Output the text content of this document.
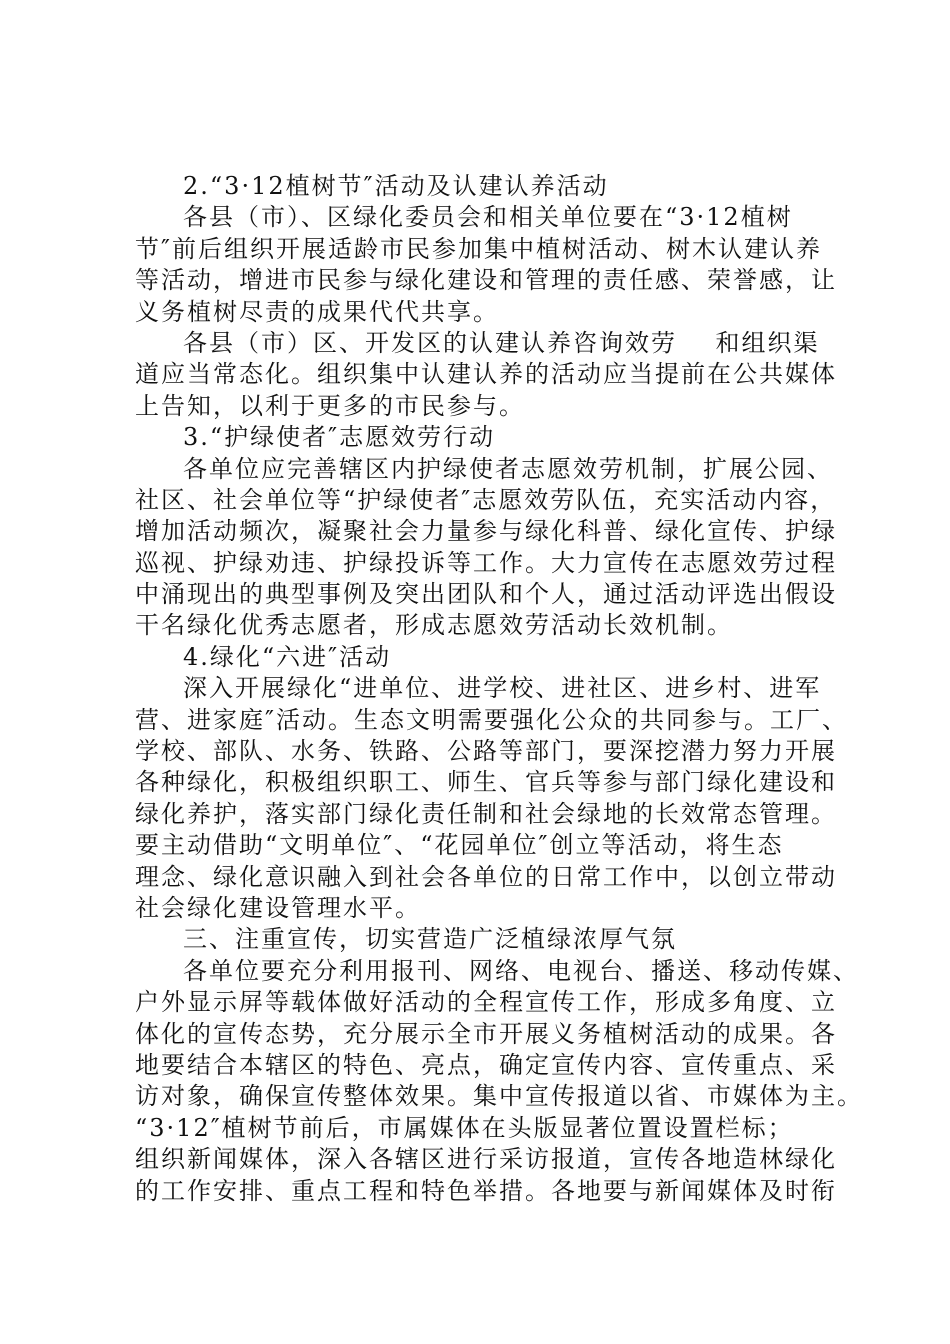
2.“3·12植树节″活动及认建认养活动
各县（市）、区绿化委员会和相关单位要在“3·12植树
节″前后组织开展适龄市民参加集中植树活动、树木认建认养
等活动，增进市民参与绿化建设和管理的责任感、荣誉感，让
义务植树尽责的成果代代共享。
各县（市）区、开发区的认建认养咨询效劳    和组织渠
道应当常态化。组织集中认建认养的活动应当提前在公共媒体
上告知，以利于更多的市民参与。
3.“护绿使者″志愿效劳行动
各单位应完善辖区内护绿使者志愿效劳机制，扩展公园、
社区、社会单位等“护绿使者″志愿效劳队伍，充实活动内容，
增加活动频次，凝聚社会力量参与绿化科普、绿化宣传、护绿
巡视、护绿劝违、护绿投诉等工作。大力宣传在志愿效劳过程
中涌现出的典型事例及突出团队和个人，通过活动评选出假设
干名绿化优秀志愿者，形成志愿效劳活动长效机制。
4.绿化“六进″活动
深入开展绿化“进单位、进学校、进社区、进乡村、进军
营、进家庭″活动。生态文明需要强化公众的共同参与。工厂、
学校、部队、水务、铁路、公路等部门，要深挖潜力努力开展
各种绿化，积极组织职工、师生、官兵等参与部门绿化建设和
绿化养护，落实部门绿化责任制和社会绿地的长效常态管理。
要主动借助“文明单位″、“花园单位″创立等活动，将生态
理念、绿化意识融入到社会各单位的日常工作中，以创立带动
社会绿化建设管理水平。
三、注重宣传，切实营造广泛植绿浓厚气氛
各单位要充分利用报刊、网络、电视台、播送、移动传媒、
户外显示屏等载体做好活动的全程宣传工作，形成多角度、立
体化的宣传态势，充分展示全市开展义务植树活动的成果。各
地要结合本辖区的特色、亮点，确定宣传内容、宣传重点、采
访对象，确保宣传整体效果。集中宣传报道以省、市媒体为主。
“3·12″植树节前后，市属媒体在头版显著位置设置栏标；
组织新闻媒体，深入各辖区进行采访报道，宣传各地造林绿化
的工作安排、重点工程和特色举措。各地要与新闻媒体及时衔
